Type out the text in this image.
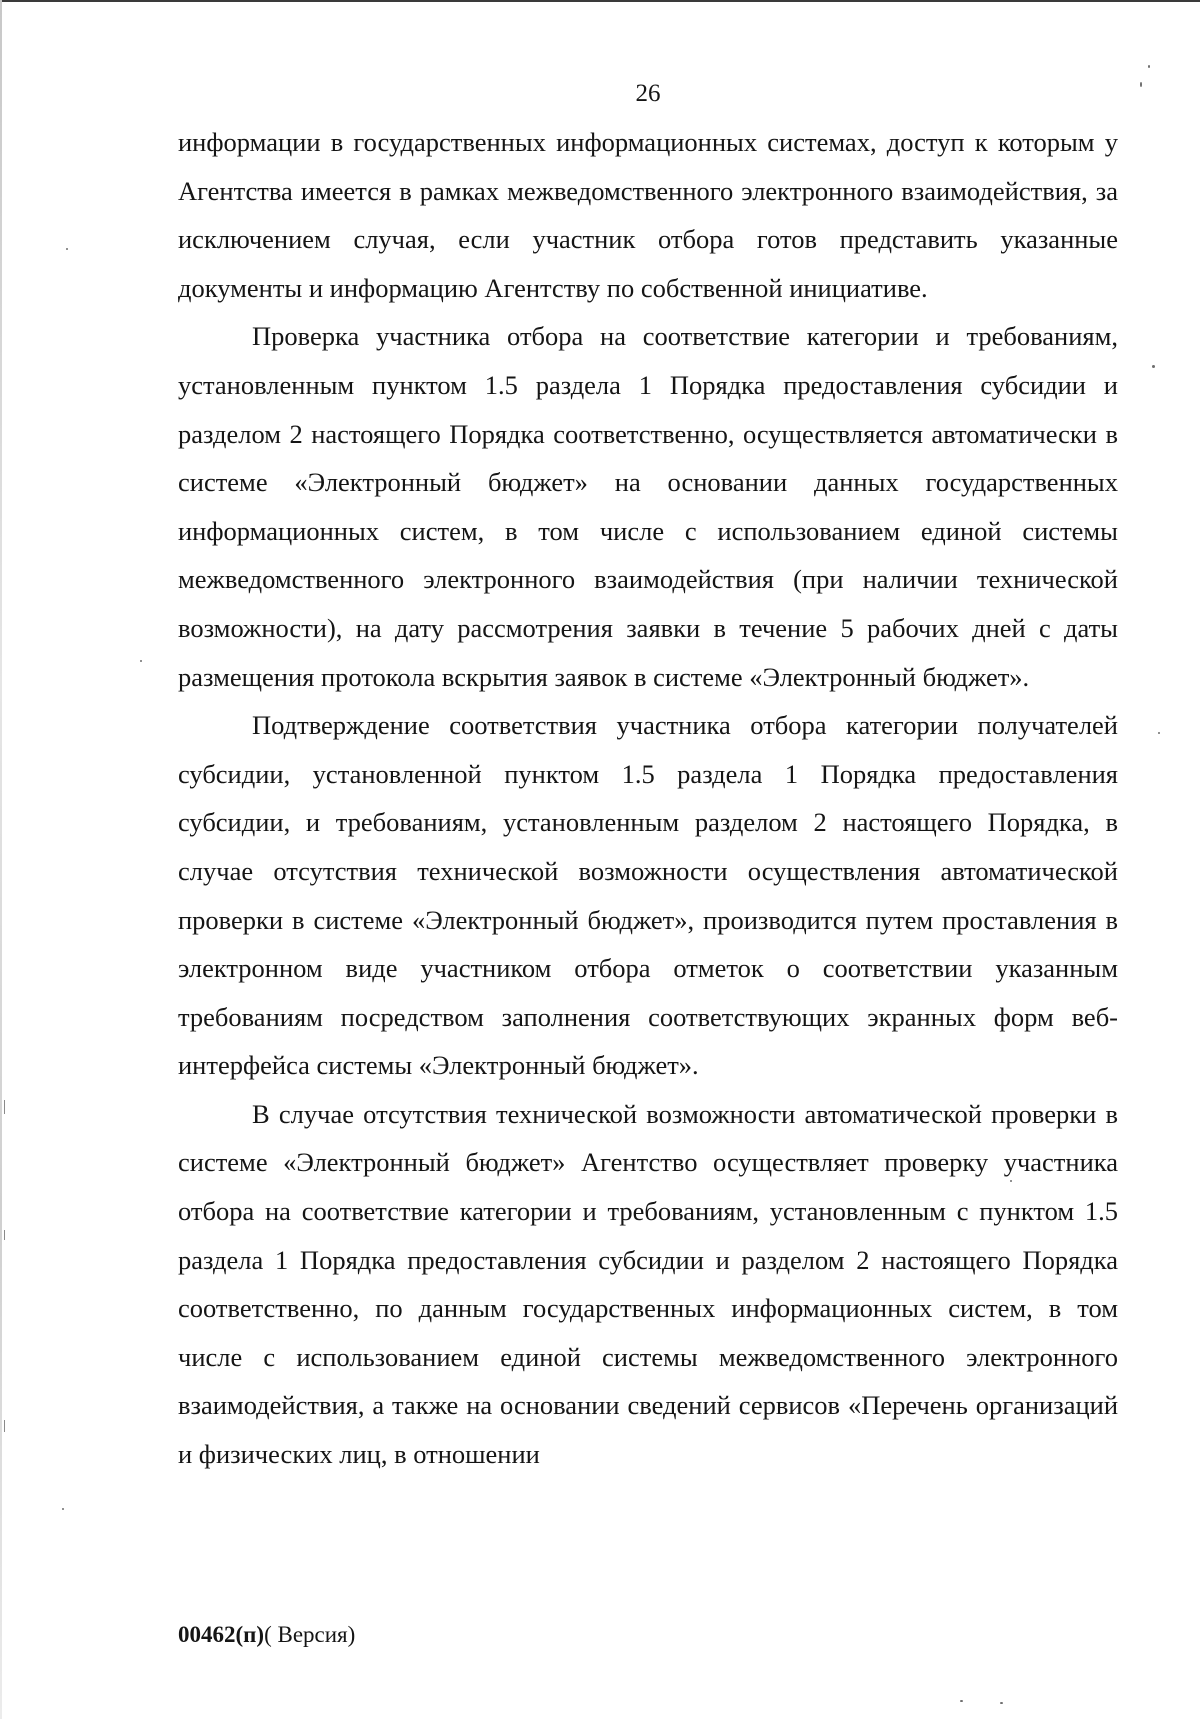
26

информации в государственных информационных системах, доступ к которым у Агентства имеется в рамках межведомственного электронного взаимодействия, за исключением случая, если участник отбора готов представить указанные документы и информацию Агентству по собственной инициативе.

Проверка участника отбора на соответствие категории и требованиям, установленным пунктом 1.5 раздела 1 Порядка предоставления субсидии и разделом 2 настоящего Порядка соответственно, осуществляется автоматически в системе «Электронный бюджет» на основании данных государственных информационных систем, в том числе с использованием единой системы межведомственного электронного взаимодействия (при наличии технической возможности), на дату рассмотрения заявки в течение 5 рабочих дней с даты размещения протокола вскрытия заявок в системе «Электронный бюджет».

Подтверждение соответствия участника отбора категории получателей субсидии, установленной пунктом 1.5 раздела 1 Порядка предоставления субсидии, и требованиям, установленным разделом 2 настоящего Порядка, в случае отсутствия технической возможности осуществления автоматической проверки в системе «Электронный бюджет», производится путем проставления в электронном виде участником отбора отметок о соответствии указанным требованиям посредством заполнения соответствующих экранных форм веб-интерфейса системы «Электронный бюджет».

В случае отсутствия технической возможности автоматической проверки в системе «Электронный бюджет» Агентство осуществляет проверку участника отбора на соответствие категории и требованиям, установленным с пунктом 1.5 раздела 1 Порядка предоставления субсидии и разделом 2 настоящего Порядка соответственно, по данным государственных информационных систем, в том числе с использованием единой системы межведомственного электронного взаимодействия, а также на основании сведений сервисов «Перечень организаций и физических лиц, в отношении

00462(п)( Версия)
